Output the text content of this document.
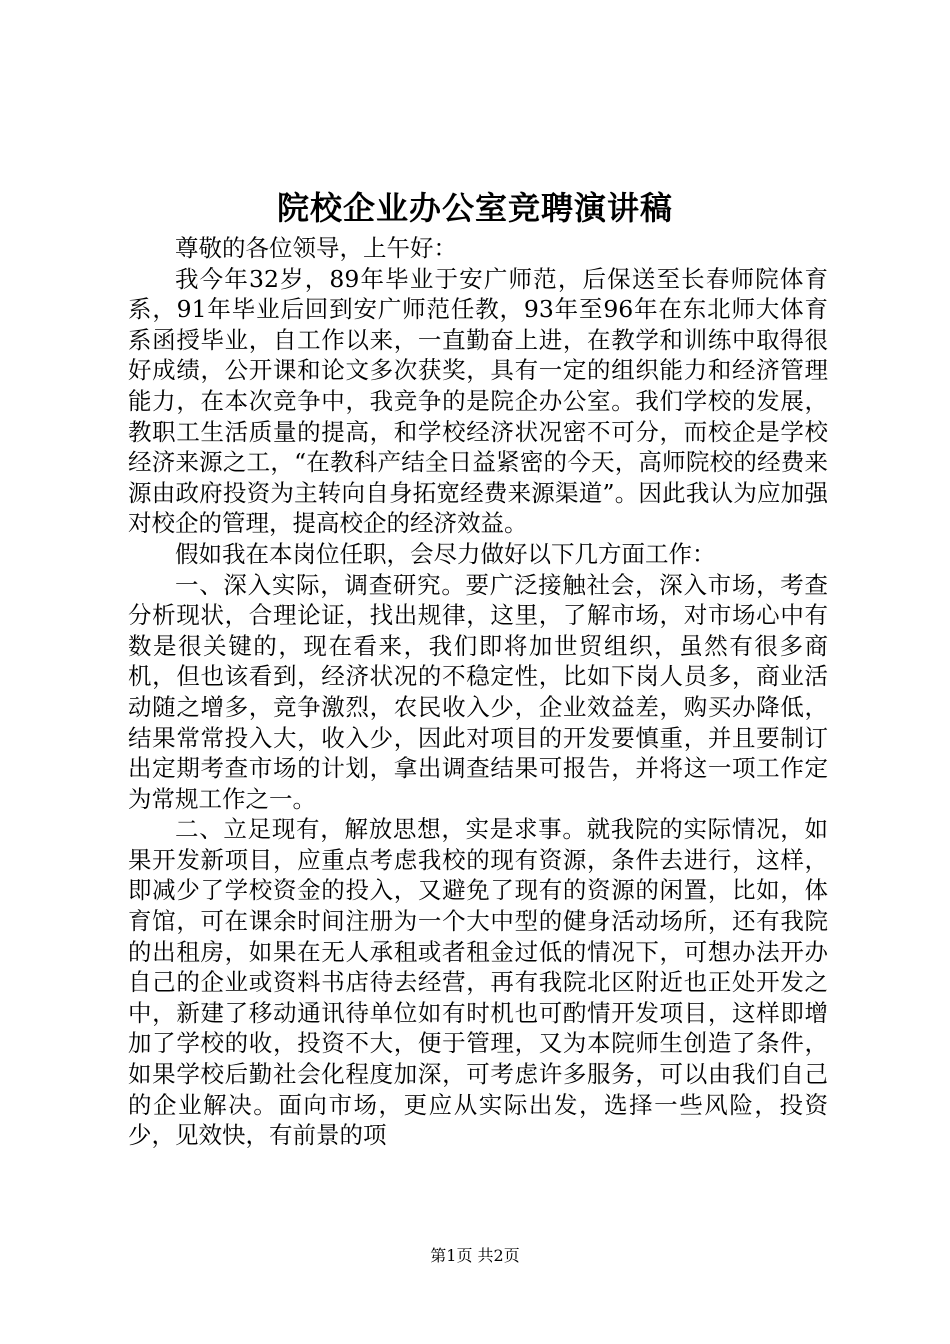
院校企业办公室竞聘演讲稿

尊敬的各位领导，上午好：

我今年32岁，89年毕业于安广师范，后保送至长春师院体育系，91年毕业后回到安广师范任教，93年至96年在东北师大体育系函授毕业，自工作以来，一直勤奋上进，在教学和训练中取得很好成绩，公开课和论文多次获奖，具有一定的组织能力和经济管理能力，在本次竞争中，我竞争的是院企办公室。我们学校的发展，教职工生活质量的提高，和学校经济状况密不可分，而校企是学校经济来源之工，“在教科产结全日益紧密的今天，高师院校的经费来源由政府投资为主转向自身拓宽经费来源渠道”。因此我认为应加强对校企的管理，提高校企的经济效益。

假如我在本岗位任职，会尽力做好以下几方面工作：

一、深入实际，调查研究。要广泛接触社会，深入市场，考查分析现状，合理论证，找出规律，这里，了解市场，对市场心中有数是很关键的，现在看来，我们即将加世贸组织，虽然有很多商机，但也该看到，经济状况的不稳定性，比如下岗人员多，商业活动随之增多，竞争激烈，农民收入少，企业效益差，购买办降低，结果常常投入大，收入少，因此对项目的开发要慎重，并且要制订出定期考查市场的计划，拿出调查结果可报告，并将这一项工作定为常规工作之一。

二、立足现有，解放思想，实是求事。就我院的实际情况，如果开发新项目，应重点考虑我校的现有资源，条件去进行，这样，即减少了学校资金的投入，又避免了现有的资源的闲置，比如，体育馆，可在课余时间注册为一个大中型的健身活动场所，还有我院的出租房，如果在无人承租或者租金过低的情况下，可想办法开办自己的企业或资料书店待去经营，再有我院北区附近也正处开发之中，新建了移动通讯待单位如有时机也可酌情开发项目，这样即增加了学校的收，投资不大，便于管理，又为本院师生创造了条件，如果学校后勤社会化程度加深，可考虑许多服务，可以由我们自己的企业解决。面向市场，更应从实际出发，选择一些风险，投资少，见效快，有前景的项

第1页 共2页
